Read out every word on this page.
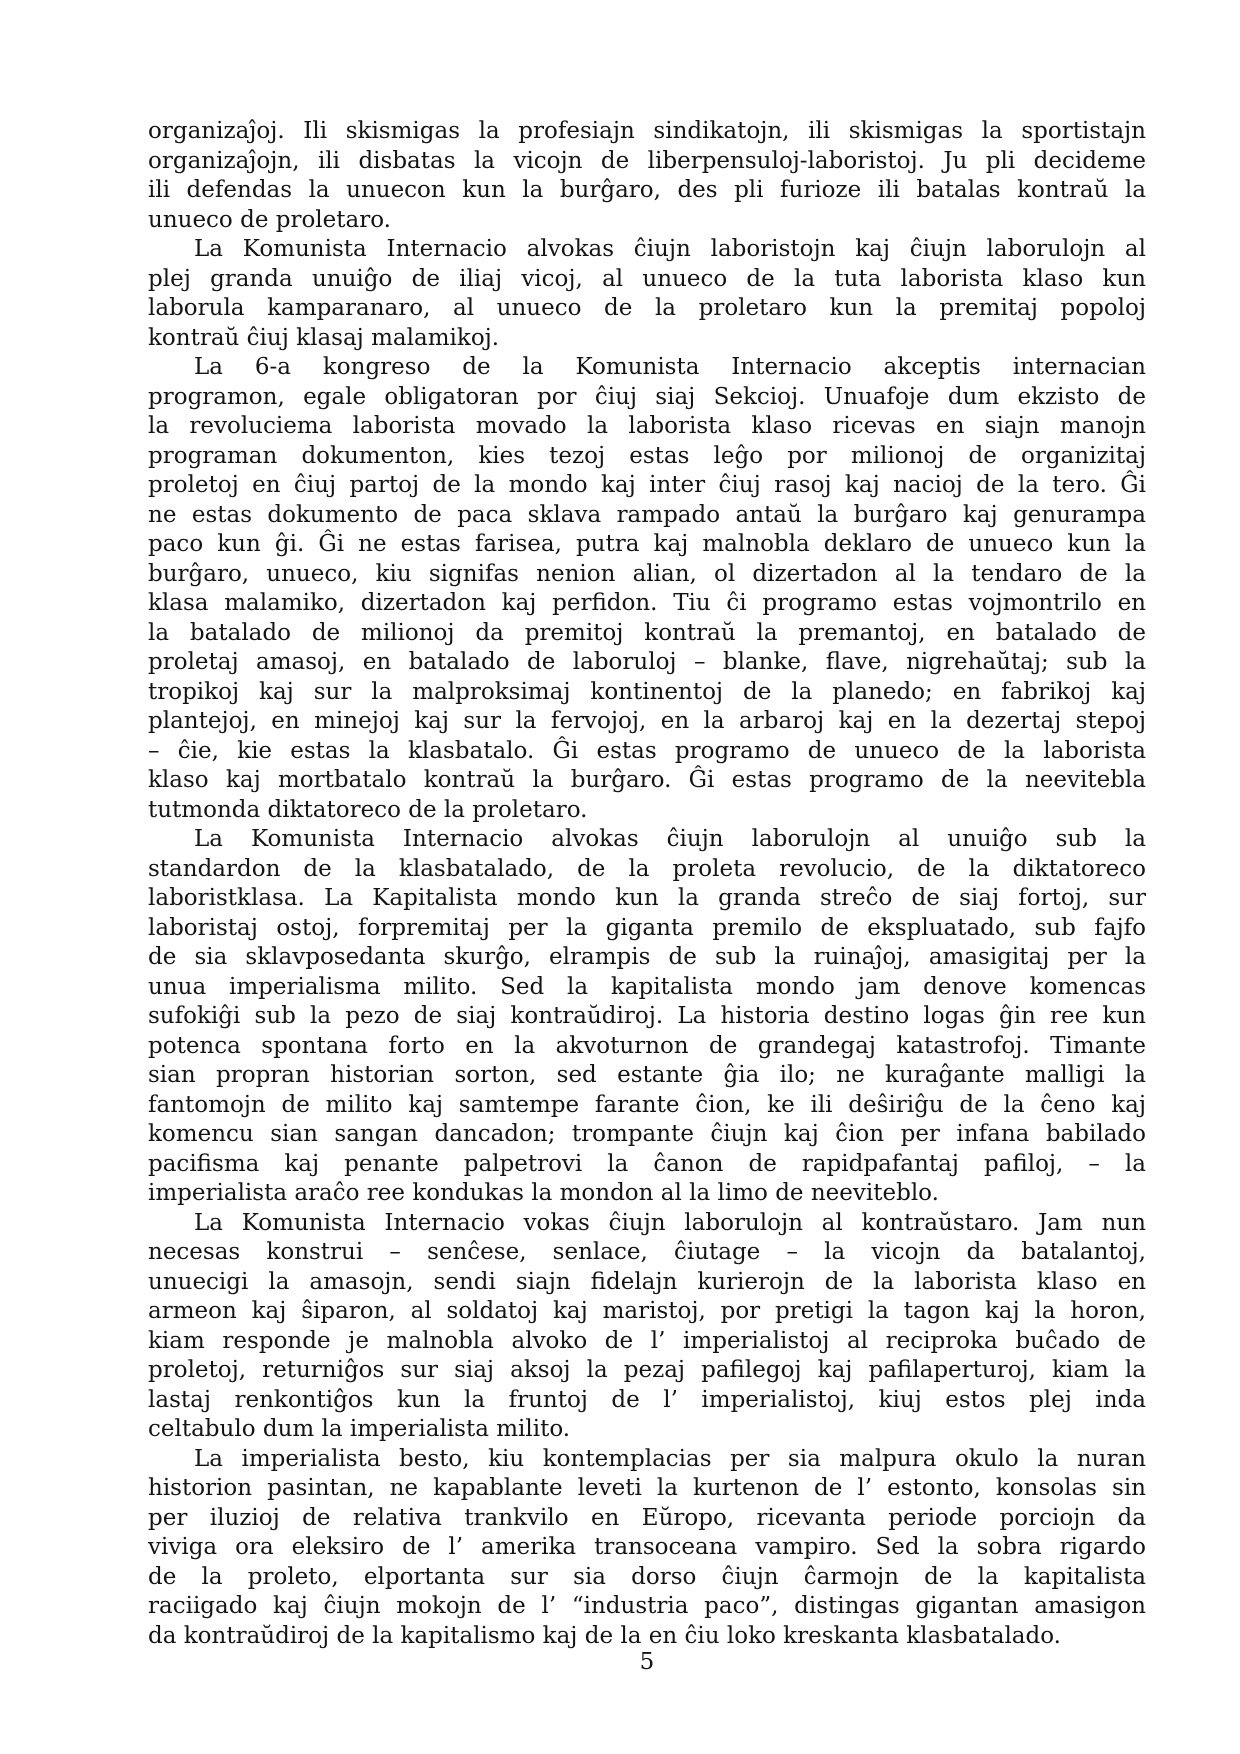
organizaĵoj. Ili skismigas la profesiajn sindikatojn, ili skismigas la sportistajn
organizaĵojn, ili disbatas la vicojn de liberpensuloj-laboristoj. Ju pli decideme
ili defendas la unuecon kun la burĝaro, des pli furioze ili batalas kontraŭ la
unueco de proletaro.
La Komunista Internacio alvokas ĉiujn laboristojn kaj ĉiujn laborulojn al
plej granda unuiĝo de iliaj vicoj, al unueco de la tuta laborista klaso kun
laborula kamparanaro, al unueco de la proletaro kun la premitaj popoloj
kontraŭ ĉiuj klasaj malamikoj.
La 6-a kongreso de la Komunista Internacio akceptis internacian
programon, egale obligatoran por ĉiuj siaj Sekcioj. Unuafoje dum ekzisto de
la revoluciema laborista movado la laborista klaso ricevas en siajn manojn
programan dokumenton, kies tezoj estas leĝo por milionoj de organizitaj
proletoj en ĉiuj partoj de la mondo kaj inter ĉiuj rasoj kaj nacioj de la tero. Ĝi
ne estas dokumento de paca sklava rampado antaŭ la burĝaro kaj genurampa
paco kun ĝi. Ĝi ne estas farisea, putra kaj malnobla deklaro de unueco kun la
burĝaro, unueco, kiu signifas nenion alian, ol dizertadon al la tendaro de la
klasa malamiko, dizertadon kaj perfidon. Tiu ĉi programo estas vojmontrilo en
la batalado de milionoj da premitoj kontraŭ la premantoj, en batalado de
proletaj amasoj, en batalado de laboruloj – blanke, flave, nigrehaŭtaj; sub la
tropikoj kaj sur la malproksimaj kontinentoj de la planedo; en fabrikoj kaj
plantejoj, en minejoj kaj sur la fervojoj, en la arbaroj kaj en la dezertaj stepoj
– ĉie, kie estas la klasbatalo. Ĝi estas programo de unueco de la laborista
klaso kaj mortbatalo kontraŭ la burĝaro. Ĝi estas programo de la neevitebla
tutmonda diktatoreco de la proletaro.
La Komunista Internacio alvokas ĉiujn laborulojn al unuiĝo sub la
standardon de la klasbatalado, de la proleta revolucio, de la diktatoreco
laboristklasa. La Kapitalista mondo kun la granda streĉo de siaj fortoj, sur
laboristaj ostoj, forpremitaj per la giganta premilo de ekspluatado, sub fajfo
de sia sklavposedanta skurĝo, elrampis de sub la ruinaĵoj, amasigitaj per la
unua imperialisma milito. Sed la kapitalista mondo jam denove komencas
sufokiĝi sub la pezo de siaj kontraŭdiroj. La historia destino logas ĝin ree kun
potenca spontana forto en la akvoturnon de grandegaj katastrofoj. Timante
sian propran historian sorton, sed estante ĝia ilo; ne kuraĝante malligi la
fantomojn de milito kaj samtempe farante ĉion, ke ili deŝiriĝu de la ĉeno kaj
komencu sian sangan dancadon; trompante ĉiujn kaj ĉion per infana babilado
pacifisma kaj penante palpetrovi la ĉanon de rapidpafantaj pafiloj, – la
imperialista araĉo ree kondukas la mondon al la limo de neeviteblo.
La Komunista Internacio vokas ĉiujn laborulojn al kontraŭstaro. Jam nun
necesas konstrui – senĉese, senlace, ĉiutage – la vicojn da batalantoj,
unuecigi la amasojn, sendi siajn fidelajn kurierojn de la laborista klaso en
armeon kaj ŝiparon, al soldatoj kaj maristoj, por pretigi la tagon kaj la horon,
kiam responde je malnobla alvoko de l’ imperialistoj al reciproka buĉado de
proletoj, returniĝos sur siaj aksoj la pezaj pafilegoj kaj pafilaperturoj, kiam la
lastaj renkontiĝos kun la fruntoj de l’ imperialistoj, kiuj estos plej inda
celtabulo dum la imperialista milito.
La imperialista besto, kiu kontemplacias per sia malpura okulo la nuran
historion pasintan, ne kapablante leveti la kurtenon de l’ estonto, konsolas sin
per iluzioj de relativa trankvilo en Eŭropo, ricevanta periode porciojn da
viviga ora eleksiro de l’ amerika transoceana vampiro. Sed la sobra rigardo
de la proleto, elportanta sur sia dorso ĉiujn ĉarmojn de la kapitalista
raciigado kaj ĉiujn mokojn de l’ “industria paco”, distingas gigantan amasigon
da kontraŭdiroj de la kapitalismo kaj de la en ĉiu loko kreskanta klasbatalado.
5
